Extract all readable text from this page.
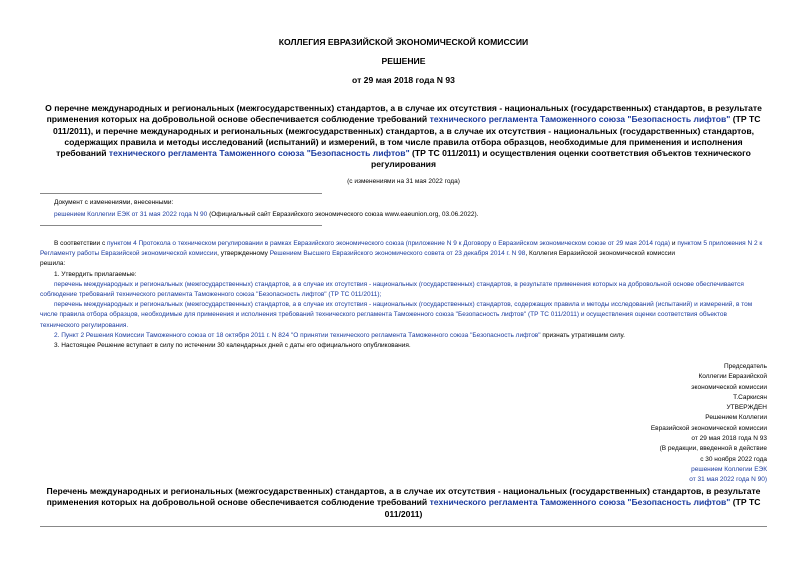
КОЛЛЕГИЯ ЕВРАЗИЙСКОЙ ЭКОНОМИЧЕСКОЙ КОМИССИИ
РЕШЕНИЕ
от 29 мая 2018 года N 93
О перечне международных и региональных (межгосударственных) стандартов, а в случае их отсутствия - национальных (государственных) стандартов, в результате применения которых на добровольной основе обеспечивается соблюдение требований технического регламента Таможенного союза "Безопасность лифтов" (ТР ТС 011/2011), и перечне международных и региональных (межгосударственных) стандартов, а в случае их отсутствия - национальных (государственных) стандартов, содержащих правила и методы исследований (испытаний) и измерений, в том числе правила отбора образцов, необходимые для применения и исполнения требований технического регламента Таможенного союза "Безопасность лифтов" (ТР ТС 011/2011) и осуществления оценки соответствия объектов технического регулирования
(с изменениями на 31 мая 2022 года)
Документ с изменениями, внесенными:
решением Коллегии ЕЭК от 31 мая 2022 года N 90 (Официальный сайт Евразийского экономического союза www.eaeunion.org, 03.06.2022).

В соответствии с пунктом 4 Протокола о техническом регулировании в рамках Евразийского экономического союза (приложение N 9 к Договору о Евразийском экономическом союзе от 29 мая 2014 года) и пунктом 5 приложения N 2 к Регламенту работы Евразийской экономической комиссии, утвержденному Решением Высшего Евразийского экономического совета от 23 декабря 2014 г. N 98, Коллегия Евразийской экономической комиссии

решила:

1. Утвердить прилагаемые:

перечень международных и региональных (межгосударственных) стандартов, а в случае их отсутствия - национальных (государственных) стандартов, в результате применения которых на добровольной основе обеспечивается соблюдение требований технического регламента Таможенного союза "Безопасность лифтов" (ТР ТС 011/2011);

перечень международных и региональных (межгосударственных) стандартов, а в случае их отсутствия - национальных (государственных) стандартов, содержащих правила и методы исследований (испытаний) и измерений, в том числе правила отбора образцов, необходимые для применения и исполнения требований технического регламента Таможенного союза "Безопасность лифтов" (ТР ТС 011/2011) и осуществления оценки соответствия объектов технического регулирования.

2. Пункт 2 Решения Комиссии Таможенного союза от 18 октября 2011 г. N 824 "О принятии технического регламента Таможенного союза "Безопасность лифтов" признать утратившим силу.

3. Настоящее Решение вступает в силу по истечении 30 календарных дней с даты его официального опубликования.

Председатель
Коллегии Евразийской
экономической комиссии
Т.Саркисян
УТВЕРЖДЕН
Решением Коллегии
Евразийской экономической комиссии
от 29 мая 2018 года N 93
(В редакции, введенной в действие
с 30 ноября 2022 года
решением Коллегии ЕЭК
от 31 мая 2022 года N 90)
Перечень международных и региональных (межгосударственных) стандартов, а в случае их отсутствия - национальных (государственных) стандартов, в результате применения которых на добровольной основе обеспечивается соблюдение требований технического регламента Таможенного союза "Безопасность лифтов" (ТР ТС 011/2011)
